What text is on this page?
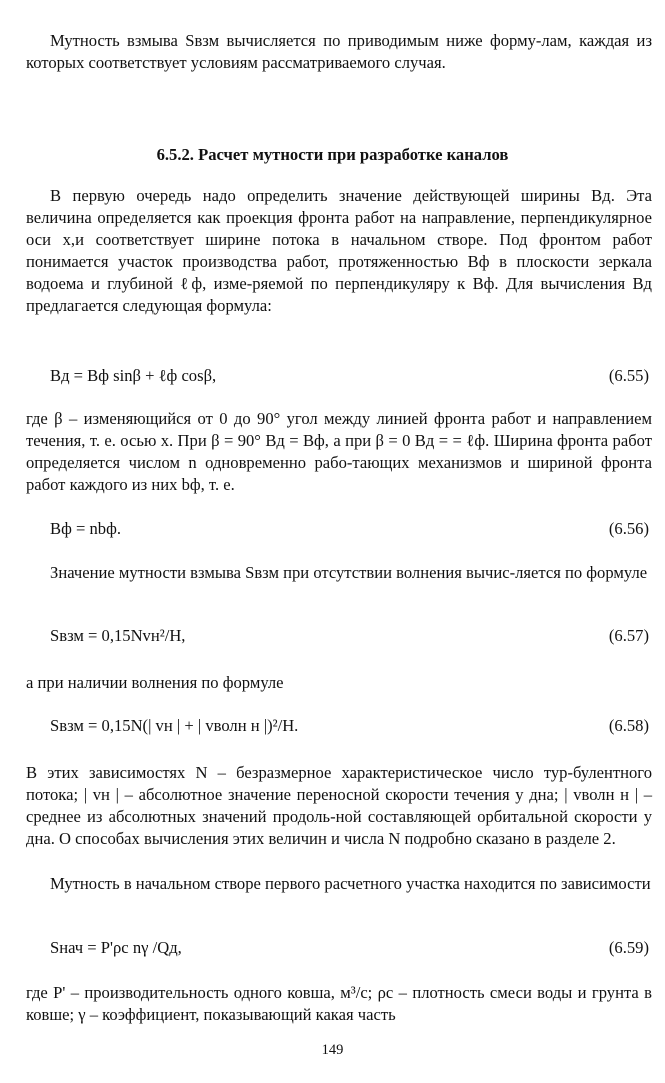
Мутность взмыва Sвзм вычисляется по приводимым ниже форму-лам, каждая из которых соответствует условиям рассматриваемого случая.

6.5.2. Расчет мутности при разработке каналов

В первую очередь надо определить значение действующей ширины Bд. Эта величина определяется как проекция фронта работ на направление, перпендикулярное оси x,и соответствует ширине потока в начальном створе. Под фронтом работ понимается участок производства работ, протяженностью Bф в плоскости зеркала водоема и глубиной ℓф, изме-ряемой по перпендикуляру к Bф. Для вычисления Bд предлагается следующая формула:

Bд = Bф sinβ + ℓф cosβ,	(6.55)

где β – изменяющийся от 0 до 90° угол между линией фронта работ и направлением течения, т. е. осью x. При β = 90° Bд = Bф, а при β = 0 Bд = = ℓф. Ширина фронта работ определяется числом n одновременно рабо-тающих механизмов и шириной фронта работ каждого из них bф, т. е.

Bф = nbф.	(6.56)

Значение мутности взмыва Sвзм при отсутствии волнения вычис-ляется по формуле

Sвзм = 0,15Nvн²/H,	(6.57)

а при наличии волнения по формуле

Sвзм = 0,15N(| vн | + | vволн н |)²/H.	(6.58)

В этих зависимостях N – безразмерное характеристическое число тур-булентного потока; | vн | – абсолютное значение переносной скорости течения у дна; | vволн н | – среднее из абсолютных значений продоль-ной составляющей орбитальной скорости у дна. О способах вычисления этих величин и числа N подробно сказано в разделе 2.

Мутность в начальном створе первого расчетного участка находится по зависимости

Sнач = P'ρс nγ /Qд,	(6.59)

где P' – производительность одного ковша, м³/с; ρс – плотность смеси воды и грунта в ковше; γ – коэффициент, показывающий какая часть

149
